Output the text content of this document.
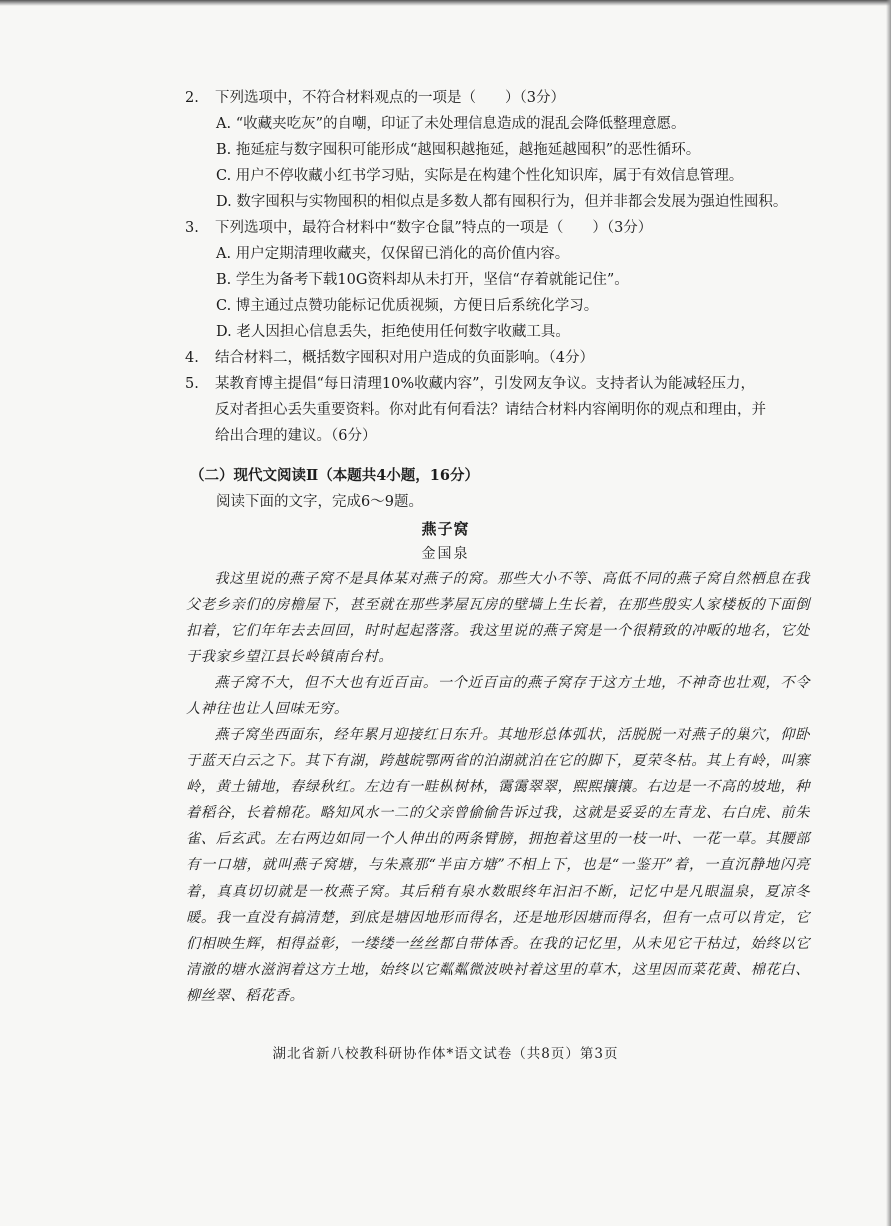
2. 下列选项中，不符合材料观点的一项是（　　）（3分）
A. “收藏夹吃灰”的自嘲，印证了未处理信息造成的混乱会降低整理意愿。
B. 拖延症与数字囤积可能形成“越囤积越拖延，越拖延越囤积”的恶性循环。
C. 用户不停收藏小红书学习贴，实际是在构建个性化知识库，属于有效信息管理。
D. 数字囤积与实物囤积的相似点是多数人都有囤积行为，但并非都会发展为强迫性囤积。
3. 下列选项中，最符合材料中“数字仓鼠”特点的一项是（　　）（3分）
A. 用户定期清理收藏夹，仅保留已消化的高价值内容。
B. 学生为备考下载10G资料却从未打开，坚信“存着就能记住”。
C. 博主通过点赞功能标记优质视频，方便日后系统化学习。
D. 老人因担心信息丢失，拒绝使用任何数字收藏工具。
4. 结合材料二，概括数字囤积对用户造成的负面影响。（4分）
5. 某教育博主提倡“每日清理10%收藏内容”，引发网友争议。支持者认为能减轻压力，
反对者担心丢失重要资料。你对此有何看法？请结合材料内容阐明你的观点和理由，并
给出合理的建议。（6分）
（二）现代文阅读Ⅱ（本题共4小题，16分）
阅读下面的文字，完成6～9题。
燕子窝
金国泉
我这里说的燕子窝不是具体某对燕子的窝。那些大小不等、高低不同的燕子窝自然栖息在我父老乡亲们的房檐屋下，甚至就在那些茅屋瓦房的壁墙上生长着，在那些殷实人家楼板的下面倒扣着，它们年年去去回回，时时起起落落。我这里说的燕子窝是一个很精致的冲畈的地名，它处于我家乡望江县长岭镇南台村。
燕子窝不大，但不大也有近百亩。一个近百亩的燕子窝存于这方土地，不神奇也壮观，不令人神往也让人回味无穷。
燕子窝坐西面东，经年累月迎接红日东升。其地形总体弧状，活脱脱一对燕子的巢穴，仰卧于蓝天白云之下。其下有湖，跨越皖鄂两省的泊湖就泊在它的脚下，夏荣冬枯。其上有岭，叫寨岭，黄土铺地，春绿秋红。左边有一畦枞树林，霭霭翠翠，熙熙攘攘。右边是一不高的坡地，种着稻谷，长着棉花。略知风水一二的父亲曾偷偷告诉过我，这就是妥妥的左青龙、右白虎、前朱雀、后玄武。左右两边如同一个人伸出的两条臂膀，拥抱着这里的一枝一叶、一花一草。其腰部有一口塘，就叫燕子窝塘，与朱熹那“半亩方塘”不相上下，也是“一鉴开”着，一直沉静地闪亮着，真真切切就是一枚燕子窝。其后稍有泉水数眼终年汩汩不断，记忆中是凡眼温泉，夏凉冬暖。我一直没有搞清楚，到底是塘因地形而得名，还是地形因塘而得名，但有一点可以肯定，它们相映生辉，相得益彰，一缕缕一丝丝都自带体香。在我的记忆里，从未见它干枯过，始终以它清澈的塘水滋润着这方土地，始终以它粼粼微波映衬着这里的草木，这里因而菜花黄、棉花白、柳丝翠、稻花香。
湖北省新八校教科研协作体*语文试卷（共8页）第3页
